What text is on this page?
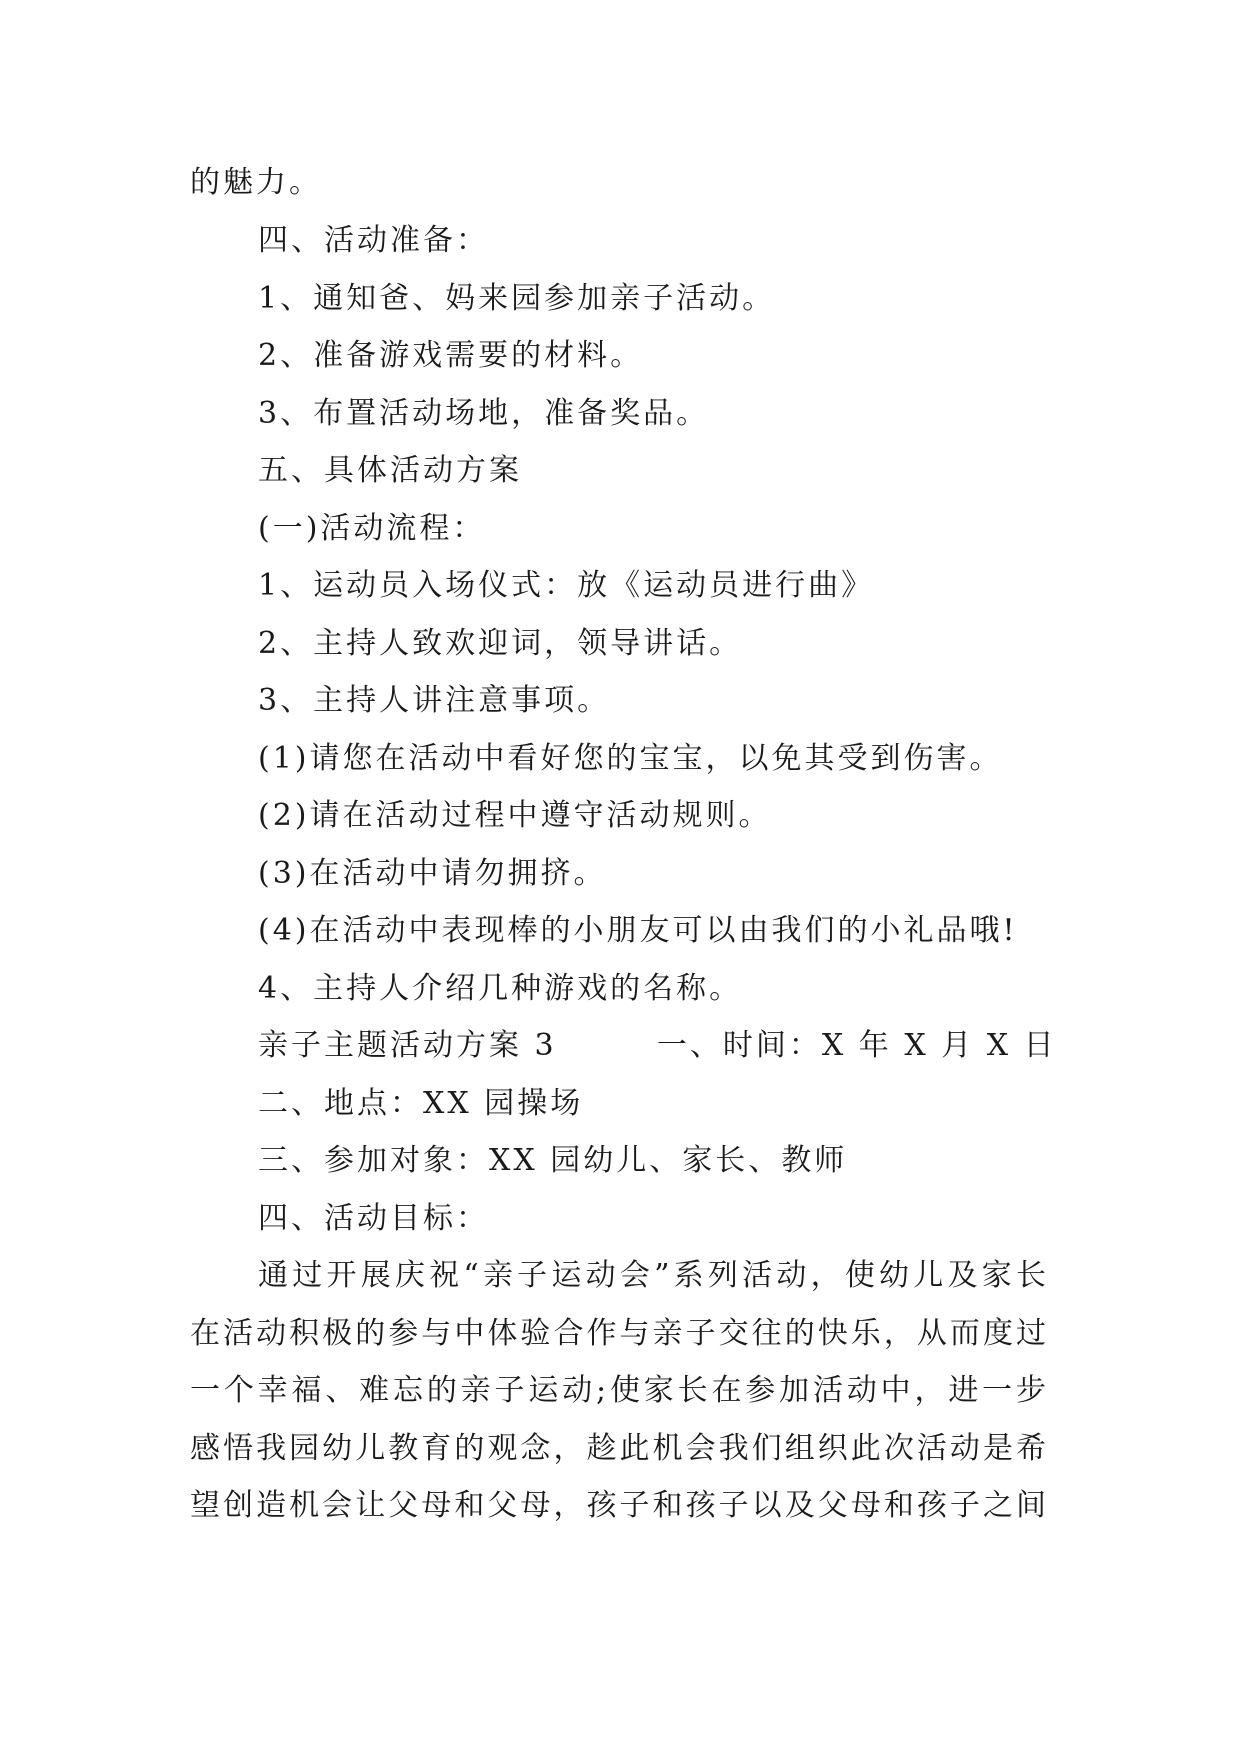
的魅力。
四、活动准备：
1、通知爸、妈来园参加亲子活动。
2、准备游戏需要的材料。
3、布置活动场地，准备奖品。
五、具体活动方案
(一)活动流程：
1、运动员入场仪式：放《运动员进行曲》
2、主持人致欢迎词，领导讲话。
3、主持人讲注意事项。
(1)请您在活动中看好您的宝宝，以免其受到伤害。
(2)请在活动过程中遵守活动规则。
(3)在活动中请勿拥挤。
(4)在活动中表现棒的小朋友可以由我们的小礼品哦!
4、主持人介绍几种游戏的名称。
亲子主题活动方案 3        一、时间：X 年 X 月 X 日
二、地点：XX 园操场
三、参加对象：XX 园幼儿、家长、教师
四、活动目标：
通过开展庆祝“亲子运动会”系列活动，使幼儿及家长
在活动积极的参与中体验合作与亲子交往的快乐，从而度过
一个幸福、难忘的亲子运动;使家长在参加活动中，进一步
感悟我园幼儿教育的观念，趁此机会我们组织此次活动是希
望创造机会让父母和父母，孩子和孩子以及父母和孩子之间
